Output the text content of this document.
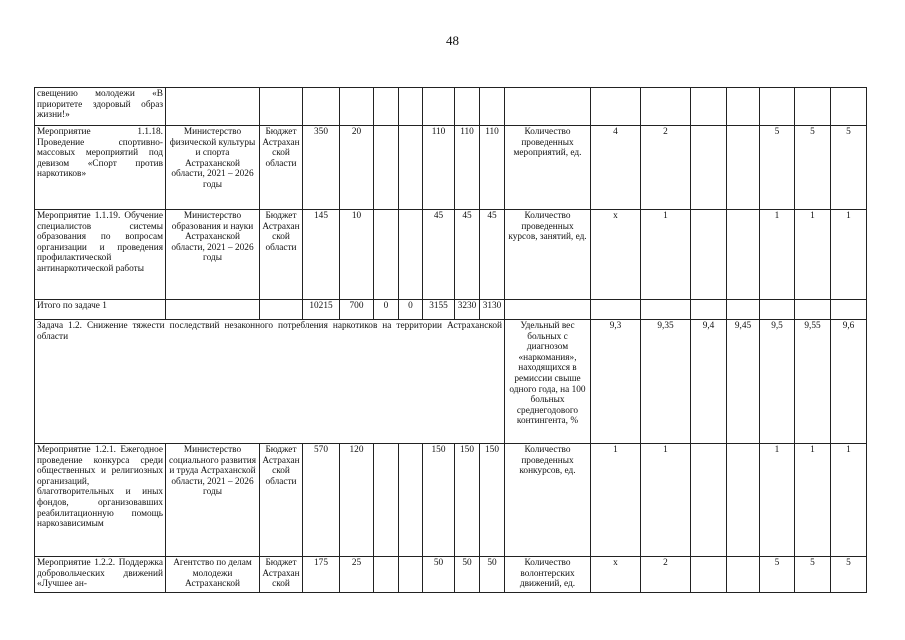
48
свещению молодежи «В приоритете здоровый образ жизни!»																	
Мероприятие 1.1.18. Проведение спортивно-массовых мероприятий под девизом «Спорт против наркотиков»	Министерство физической культуры и спорта Астраханской области, 2021 – 2026 годы	Бюджет Астраханской области	350	20			110	110	110	Количество проведенных мероприятий, ед.	4	2			5	5	5
Мероприятие 1.1.19. Обучение специалистов системы образования по вопросам организации и проведения профилактической антинаркотической работы	Министерство образования и науки Астраханской области, 2021 – 2026 годы	Бюджет Астраханской области	145	10			45	45	45	Количество проведенных курсов, занятий, ед.	x	1			1	1	1
Итого по задаче 1			10215	700	0	0	3155	3230	3130								
Задача 1.2. Снижение тяжести последствий незаконного потребления наркотиков на территории Астраханской области										Удельный вес больных с диагнозом «наркомания», находящихся в ремиссии свыше одного года, на 100 больных среднегодового контингента, %	9,3	9,35	9,4	9,45	9,5	9,55	9,6
Мероприятие 1.2.1. Ежегодное проведение конкурса среди общественных и религиозных организаций, благотворительных и иных фондов, организовавших реабилитационную помощь наркозависимым	Министерство социального развития и труда Астраханской области, 2021 – 2026 годы	Бюджет Астраханской области	570	120			150	150	150	Количество проведенных конкурсов, ед.	1	1			1	1	1
Мероприятие 1.2.2. Поддержка добровольческих движений «Лучшее ан-	Агентство по делам молодежи Астраханской	Бюджет Астраханской	175	25			50	50	50	Количество волонтерских движений, ед.	x	2			5	5	5
